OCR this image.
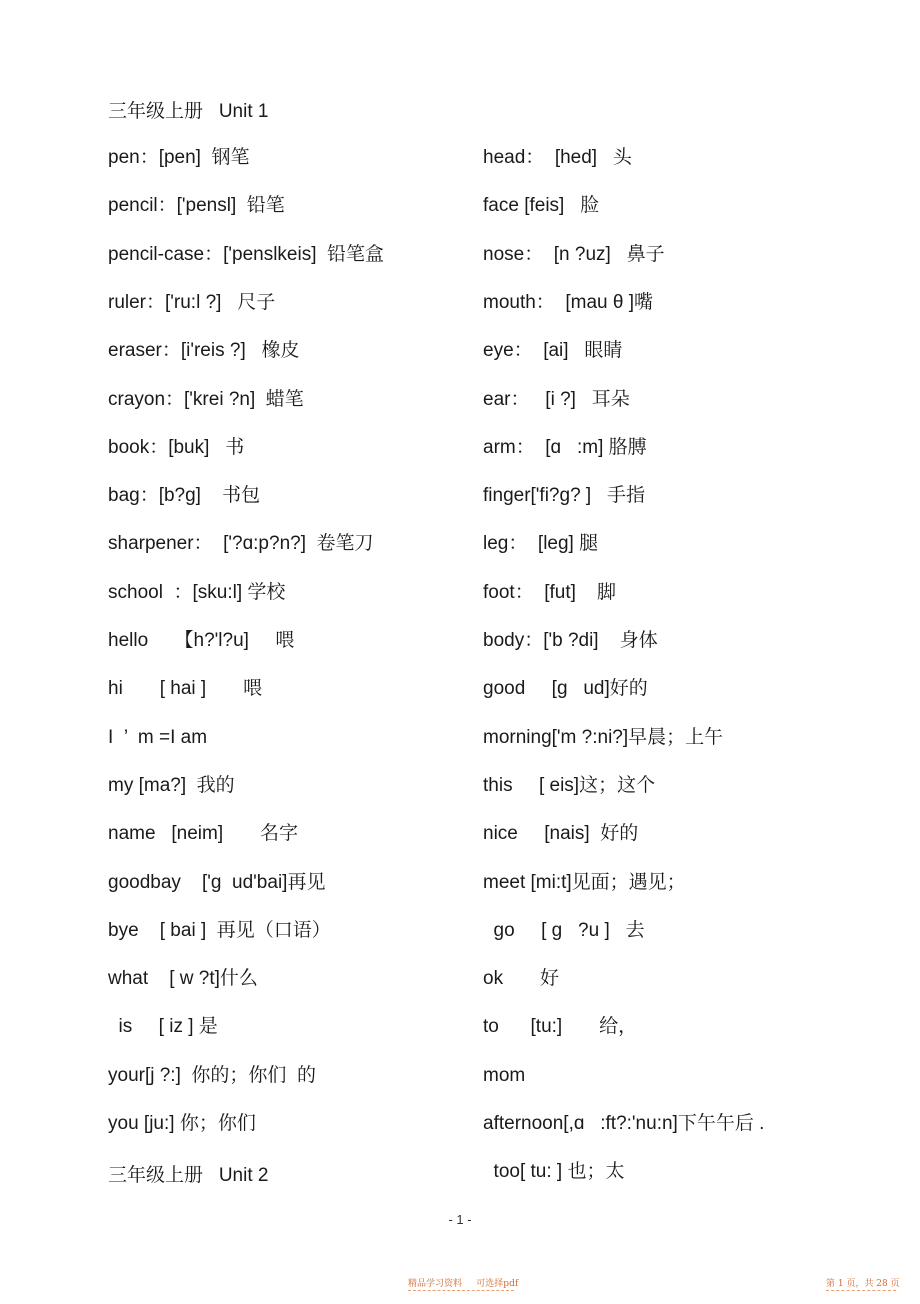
pen：[pen]  钢笔
pencil：['pensl]  铅笔
pencil-case：['penslkeis]  铅笔盒
ruler：['ru:l ?]   尺子
eraser：[i'reis ?]   橡皮
crayon：['krei ?n]  蜡笔
book：[buk]   书
bag：[b?g]    书包
sharpener：  ['?ɑ:p?n?]  卷笔刀
school  ：[sku:l] 学校
hello     【h?'l?u]     喂
hi       [ hai ]       喂
I  ’  m =I am
my [ma?]  我的
name   [neim]       名字
goodbay    ['ɡ  ud'bai]再见
bye    [ bai ]  再见（口语）
what    [ w ?t]什么
is     [ iz ] 是
your[j ?:]  你的；你们  的
you [ju:] 你；你们
head：  [hed]   头
face [feis]   脸
nose：  [n ?uz]   鼻子
mouth：  [mau θ ]嘴
eye：  [ai]   眼睛
ear：   [i ?]   耳朵
arm：  [ɑ   :m] 胳膊
finger['fi?g? ]   手指
leg：  [leg] 腿
foot：  [fut]    脚
body：['b ?di]    身体
good     [ɡ   ud]好的
morning['m ?:ni?]早晨；上午
this     [ eis]这；这个
nice     [nais]  好的
meet [mi:t]见面；遇见；
go     [ ɡ   ?u ]   去
ok       好
to      [tu:]       给，
mom
afternoon[,ɑ   :ft?:'nu:n]下午午后 .
too[ tu: ] 也；太
三年级上册   Unit 1
三年级上册   Unit 2
- 1 -
精品学习资料     可选择pdf	第 1 页，共 28 页
